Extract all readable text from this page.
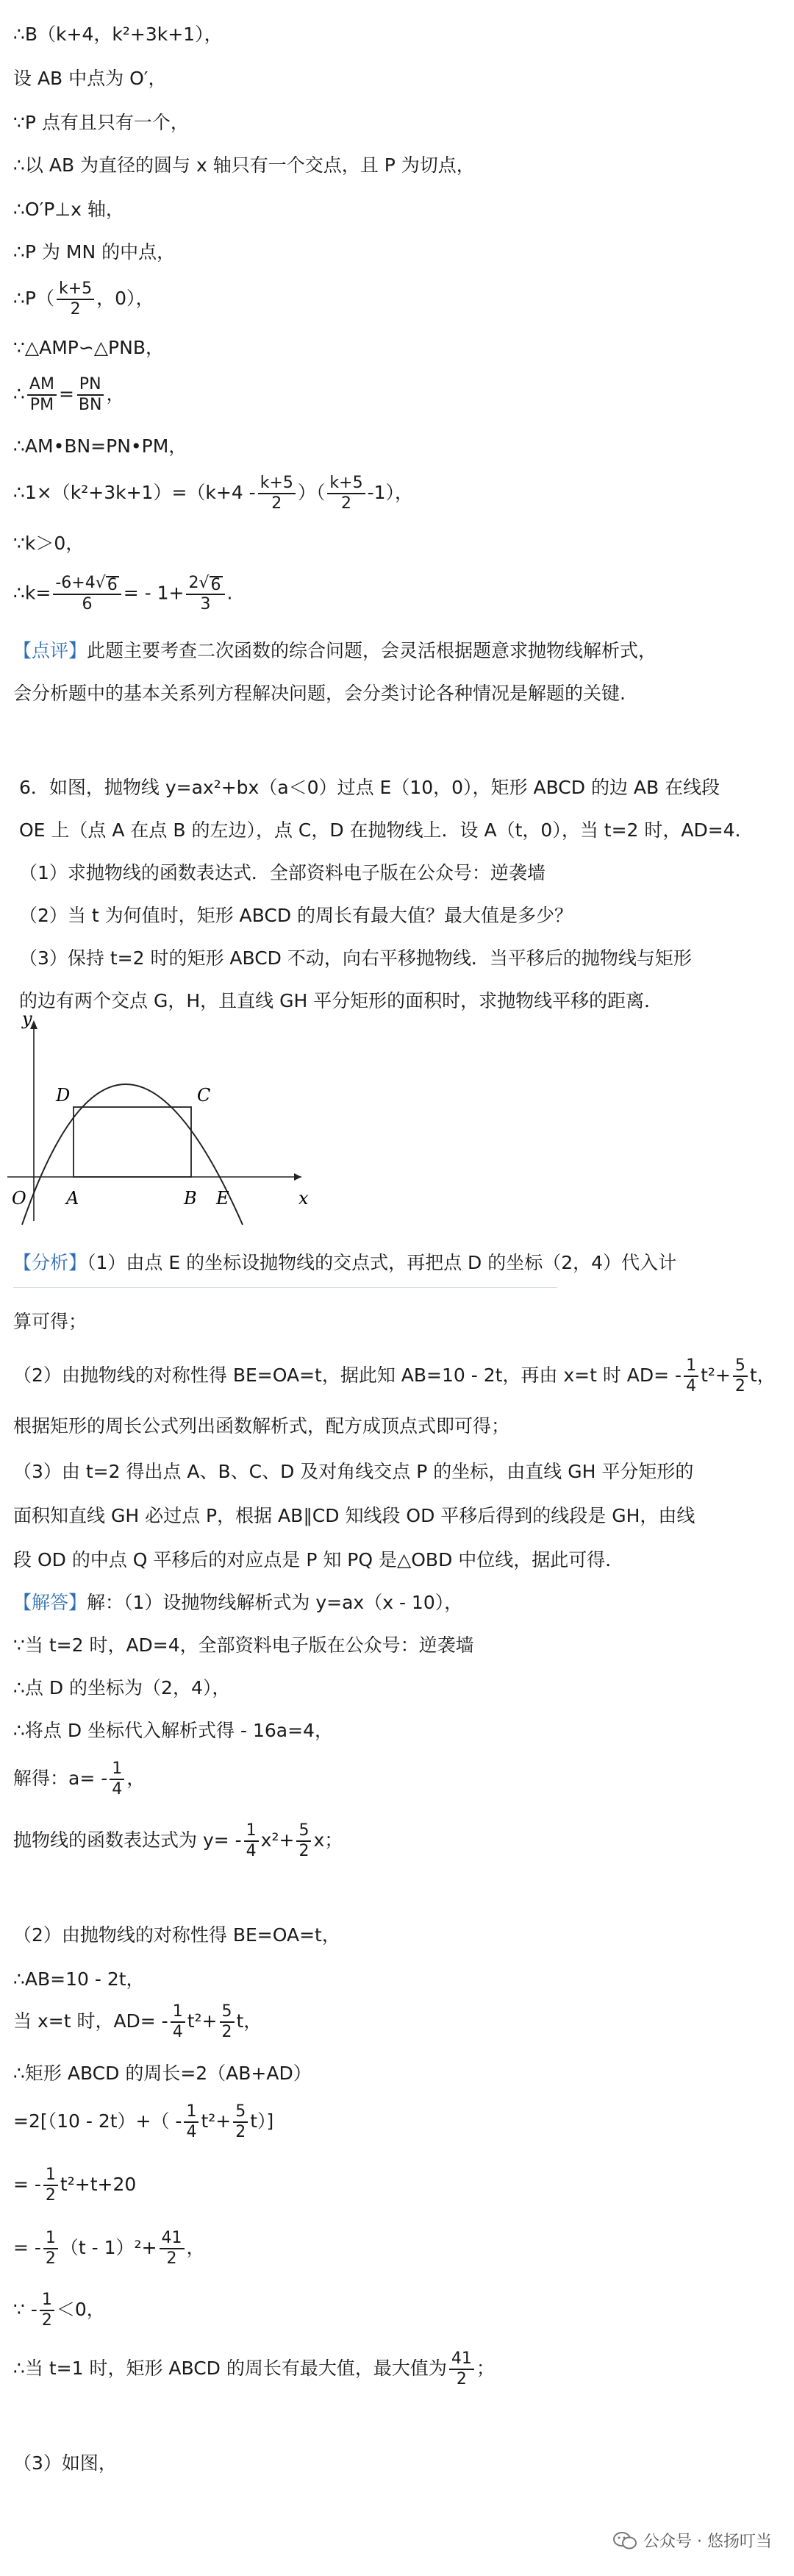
∴B（k+4，k²+3k+1），
设 AB 中点为 O′，
∵P 点有且只有一个，
∴以 AB 为直径的圆与 x 轴只有一个交点，且 P 为切点，
∴O′P⊥x 轴，
∴P 为 MN 的中点，
∴P（ $\frac{k+5}{2}$ ，0），
∵△AMP∽△PNB，
∴ $\frac{AM}{PM} = \frac{PN}{BN}$ ，
∴AM•BN=PN•PM，
∴1×（k²+3k+1）=（k+4 - $\frac{k+5}{2}$ ）（ $\frac{k+5}{2} -1$），
∵k＞0，
∴k= $\frac{-6+4√ 6}{6}$ = - $1+ \frac{2√ 6}{3}$ .
【点评】此题主要考查二次函数的综合问题，会灵活根据题意求抛物线解析式，
会分析题中的基本关系列方程解决问题，会分类讨论各种情况是解题的关键.
6．如图，抛物线 y=ax²+bx（a＜0）过点 E（10，0），矩形 ABCD 的边 AB 在线段
OE 上（点 A 在点 B 的左边），点 C，D 在抛物线上．设 A（t，0），当 t=2 时，AD=4．
（1）求抛物线的函数表达式．全部资料电子版在公众号：逆袭墙
（2）当 t 为何值时，矩形 ABCD 的周长有最大值？最大值是多少？
（3）保持 t=2 时的矩形 ABCD 不动，向右平移抛物线．当平移后的抛物线与矩形
的边有两个交点 G，H，且直线 GH 平分矩形的面积时，求抛物线平移的距离．
y
x
O A	B E
C
D
【分析】（1）由点 E 的坐标设抛物线的交点式，再把点 D 的坐标（2，4）代入计
算可得；
（2）由抛物线的对称性得 BE=OA=t，据此知 AB=10 - 2t，再由 x=t 时 $AD= - \frac{1}{4} t^2+ \frac{5}{2}$ t，
根据矩形的周长公式列出函数解析式，配方成顶点式即可得；
（3）由 t=2 得出点 A、B、C、D 及对角线交点 P 的坐标，由直线 GH 平分矩形的
面积知直线 GH 必过点 P，根据 AB∥CD 知线段 OD 平移后得到的线段是 GH，由线
段 OD 的中点 Q 平移后的对应点是 P 知 PQ 是△OBD 中位线，据此可得．
【解答】解：（1）设抛物线解析式为 y=ax（x - 10），
∵当 t=2 时，AD=4，全部资料电子版在公众号：逆袭墙
∴点 D 的坐标为（2，4），
∴将点 D 坐标代入解析式得 - 16a=4，
解得：$a= - \frac{1}{4}$ ，
抛物线的函数表达式为 $y= - \frac{1}{4} x^2+ \frac{5}{2}$ x；
（2）由抛物线的对称性得 BE=OA=t，
∴AB=10 - 2t，
当 x=t 时，$AD= - \frac{1}{4} t^2+ \frac{5}{2}$ t，
∴矩形 ABCD 的周长=2（AB+AD）
$=2[(10 - 2t)+( - \frac{1}{4} t^2+ \frac{5}{2} t)]$
= - $\frac{1}{2} t^2+t+20$
= - $\frac{1}{2} (t - 1)^2+ \frac{41}{2}$ ，
∵ - $\frac{1}{2} <0$，
∴当 t=1 时，矩形 ABCD 的周长有最大值，最大值为 $\frac{41}{2}$ ；
（3）如图，
公众号 · 悠扬叮当
